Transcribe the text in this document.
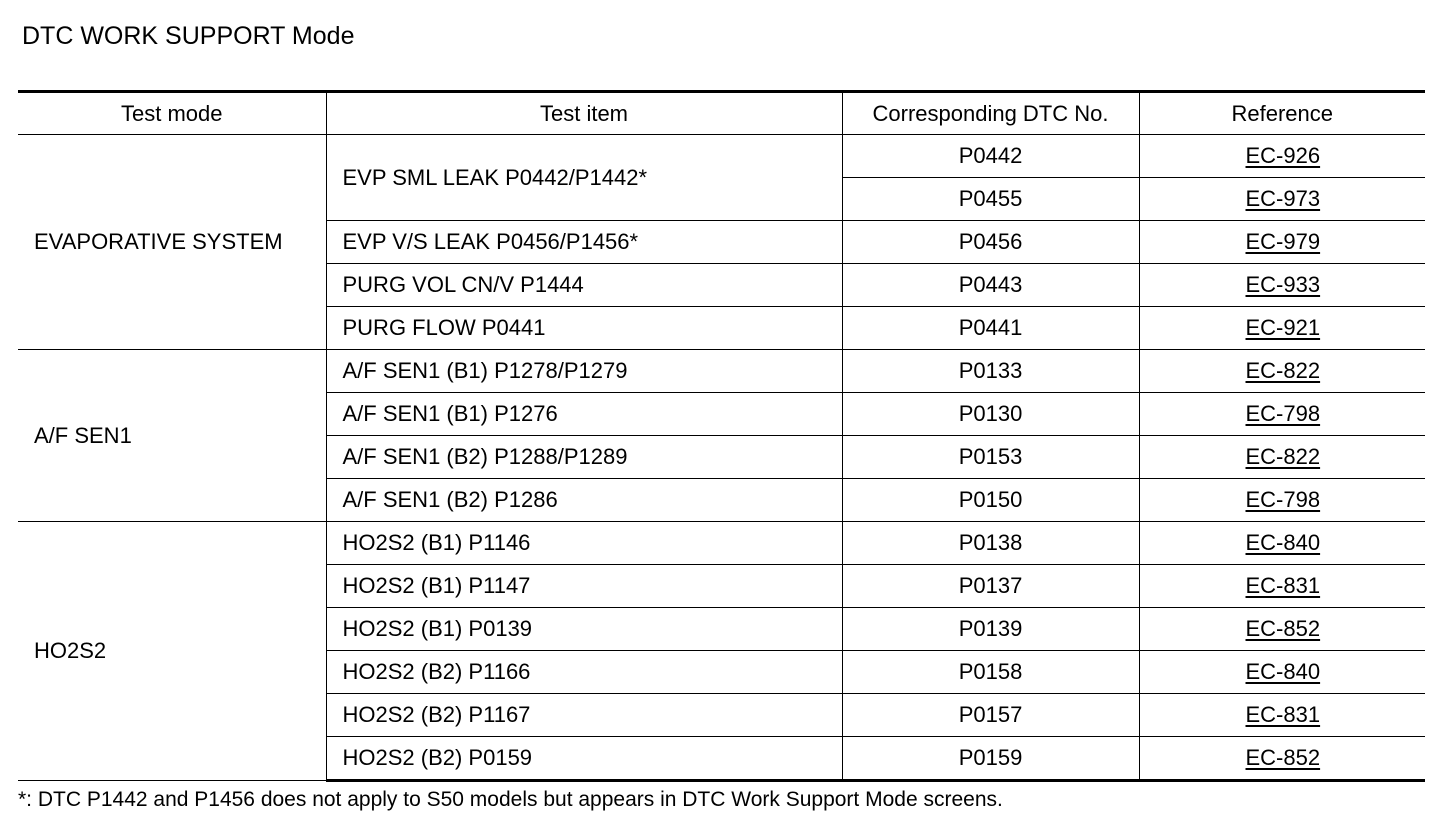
DTC WORK SUPPORT Mode
Test mode	Test item	Corresponding DTC No.	Reference
EVAPORATIVE SYSTEM	EVP SML LEAK P0442/P1442*	P0442	EC-926
		P0455	EC-973
	EVP V/S LEAK P0456/P1456*	P0456	EC-979
	PURG VOL CN/V P1444	P0443	EC-933
	PURG FLOW P0441	P0441	EC-921
A/F SEN1	A/F SEN1 (B1) P1278/P1279	P0133	EC-822
	A/F SEN1 (B1) P1276	P0130	EC-798
	A/F SEN1 (B2) P1288/P1289	P0153	EC-822
	A/F SEN1 (B2) P1286	P0150	EC-798
HO2S2	HO2S2 (B1) P1146	P0138	EC-840
	HO2S2 (B1) P1147	P0137	EC-831
	HO2S2 (B1) P0139	P0139	EC-852
	HO2S2 (B2) P1166	P0158	EC-840
	HO2S2 (B2) P1167	P0157	EC-831
	HO2S2 (B2) P0159	P0159	EC-852
*: DTC P1442 and P1456 does not apply to S50 models but appears in DTC Work Support Mode screens.
